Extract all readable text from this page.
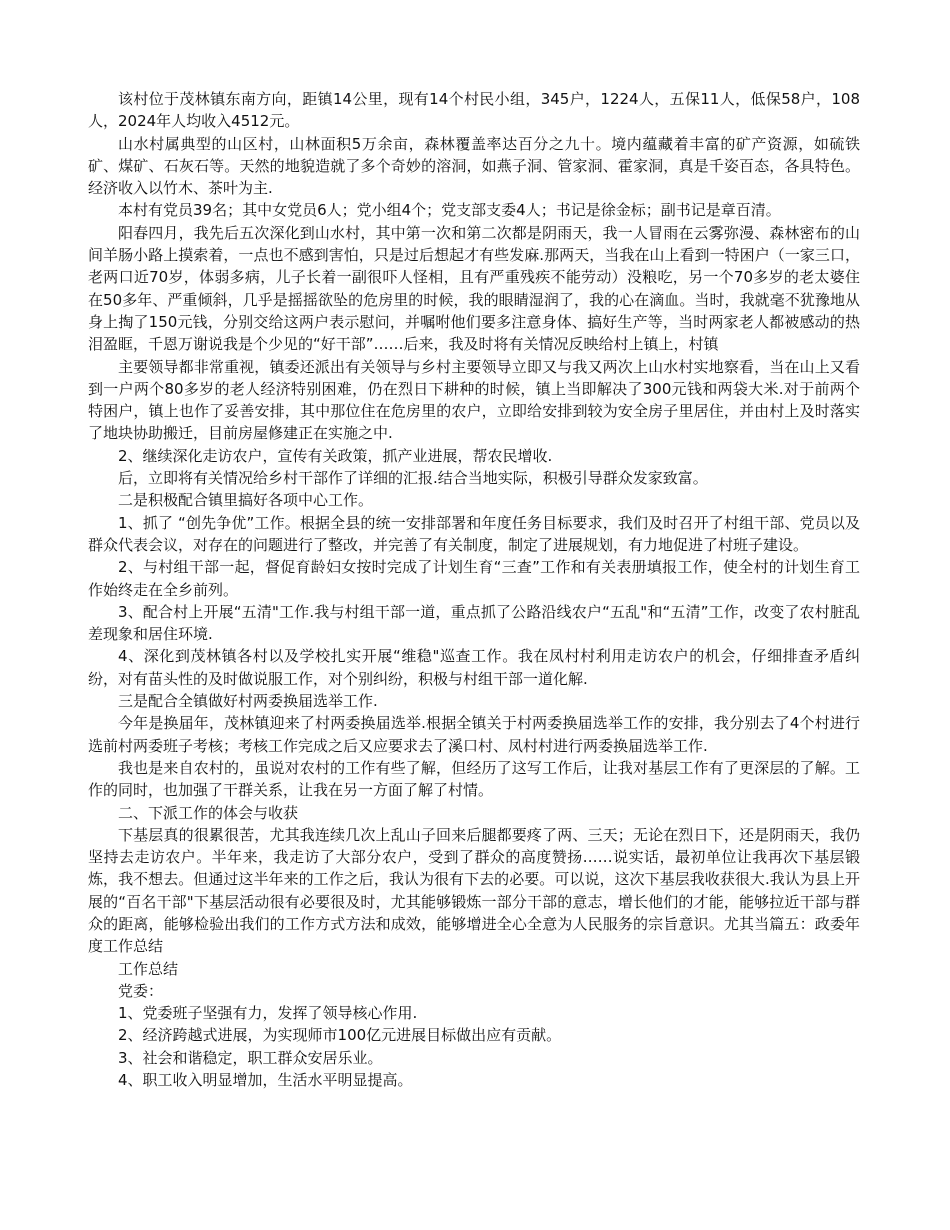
该村位于茂林镇东南方向，距镇14公里，现有14个村民小组，345户，1224人，五保11人，低保58户，108人，2024年人均收入4512元。

山水村属典型的山区村，山林面积5万余亩，森林覆盖率达百分之九十。境内蕴藏着丰富的矿产资源，如硫铁矿、煤矿、石灰石等。天然的地貌造就了多个奇妙的溶洞，如燕子洞、管家洞、霍家洞，真是千姿百态，各具特色。经济收入以竹木、茶叶为主.

本村有党员39名；其中女党员6人；党小组4个；党支部支委4人；书记是徐金标；副书记是章百清。

阳春四月，我先后五次深化到山水村，其中第一次和第二次都是阴雨天，我一人冒雨在云雾弥漫、森林密布的山间羊肠小路上摸索着，一点也不感到害怕，只是过后想起才有些发麻.那两天，当我在山上看到一特困户（一家三口，老两口近70岁，体弱多病，儿子长着一副很吓人怪相，且有严重残疾不能劳动）没粮吃，另一个70多岁的老太婆住在50多年、严重倾斜，几乎是摇摇欲坠的危房里的时候，我的眼睛湿润了，我的心在滴血。当时，我就毫不犹豫地从身上掏了150元钱，分别交给这两户表示慰问，并嘱咐他们要多注意身体、搞好生产等，当时两家老人都被感动的热泪盈眶，千恩万谢说我是个少见的“好干部”……后来，我及时将有关情况反映给村上镇上，村镇

主要领导都非常重视，镇委还派出有关领导与乡村主要领导立即又与我又两次上山水村实地察看，当在山上又看到一户两个80多岁的老人经济特别困难，仍在烈日下耕种的时候，镇上当即解决了300元钱和两袋大米.对于前两个特困户，镇上也作了妥善安排，其中那位住在危房里的农户，立即给安排到较为安全房子里居住，并由村上及时落实了地块协助搬迁，目前房屋修建正在实施之中.

2、继续深化走访农户，宣传有关政策，抓产业进展，帮农民增收.

后，立即将有关情况给乡村干部作了详细的汇报.结合当地实际，积极引导群众发家致富。

二是积极配合镇里搞好各项中心工作。

1、抓了 “创先争优”工作。根据全县的统一安排部署和年度任务目标要求，我们及时召开了村组干部、党员以及群众代表会议，对存在的问题进行了整改，并完善了有关制度，制定了进展规划，有力地促进了村班子建设。

2、与村组干部一起，督促育龄妇女按时完成了计划生育“三查”工作和有关表册填报工作，使全村的计划生育工作始终走在全乡前列。

3、配合村上开展“五清"工作.我与村组干部一道，重点抓了公路沿线农户“五乱"和“五清”工作，改变了农村脏乱差现象和居住环境.

4、深化到茂林镇各村以及学校扎实开展“维稳"巡查工作。我在凤村村利用走访农户的机会，仔细排查矛盾纠纷，对有苗头性的及时做说服工作，对个别纠纷，积极与村组干部一道化解.

三是配合全镇做好村两委换届选举工作.

今年是换届年，茂林镇迎来了村两委换届选举.根据全镇关于村两委换届选举工作的安排，我分别去了4个村进行选前村两委班子考核；考核工作完成之后又应要求去了溪口村、凤村村进行两委换届选举工作.

我也是来自农村的，虽说对农村的工作有些了解，但经历了这写工作后，让我对基层工作有了更深层的了解。工作的同时，也加强了干群关系，让我在另一方面了解了村情。

二、下派工作的体会与收获

下基层真的很累很苦，尤其我连续几次上乱山子回来后腿都要疼了两、三天；无论在烈日下，还是阴雨天，我仍坚持去走访农户。半年来，我走访了大部分农户，受到了群众的高度赞扬……说实话，最初单位让我再次下基层锻炼，我不想去。但通过这半年来的工作之后，我认为很有下去的必要。可以说，这次下基层我收获很大.我认为县上开展的“百名干部"下基层活动很有必要很及时，尤其能够锻炼一部分干部的意志，增长他们的才能，能够拉近干部与群众的距离，能够检验出我们的工作方式方法和成效，能够增进全心全意为人民服务的宗旨意识。尤其当篇五：政委年度工作总结

工作总结

党委：

1、党委班子坚强有力，发挥了领导核心作用.

2、经济跨越式进展，为实现师市100亿元进展目标做出应有贡献。

3、社会和谐稳定，职工群众安居乐业。

4、职工收入明显增加，生活水平明显提高。
